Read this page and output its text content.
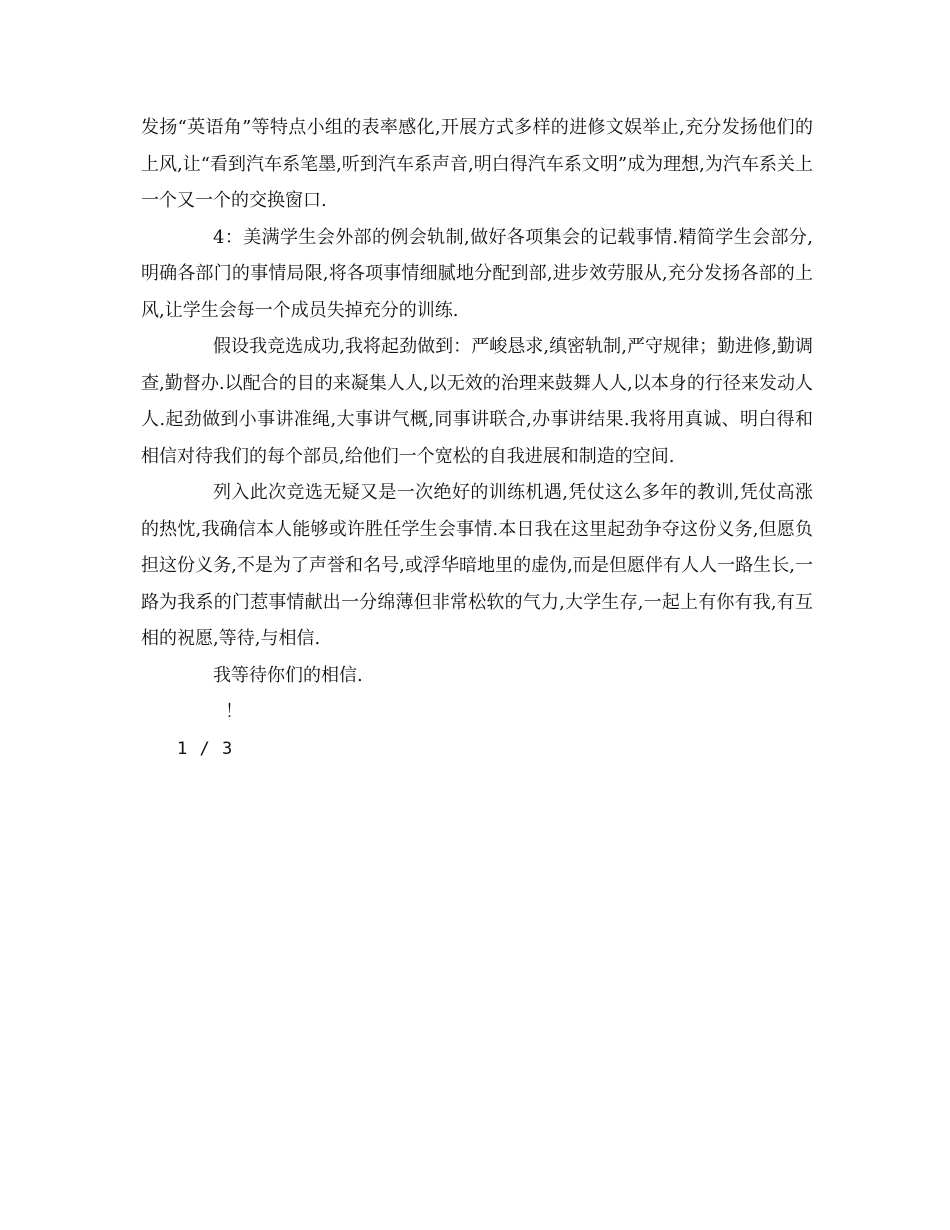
发扬“英语角”等特点小组的表率感化,开展方式多样的进修文娱举止,充分发扬他们的上风,让“看到汽车系笔墨,听到汽车系声音,明白得汽车系文明”成为理想,为汽车系关上一个又一个的交换窗口.

4：美满学生会外部的例会轨制,做好各项集会的记载事情.精简学生会部分,明确各部门的事情局限,将各项事情细腻地分配到部,进步效劳服从,充分发扬各部的上风,让学生会每一个成员失掉充分的训练.

假设我竞选成功,我将起劲做到：严峻恳求,缜密轨制,严守规律；勤进修,勤调查,勤督办.以配合的目的来凝集人人,以无效的治理来鼓舞人人,以本身的行径来发动人人.起劲做到小事讲准绳,大事讲气概,同事讲联合,办事讲结果.我将用真诚、明白得和相信对待我们的每个部员,给他们一个宽松的自我进展和制造的空间.

列入此次竞选无疑又是一次绝好的训练机遇,凭仗这么多年的教训,凭仗高涨的热忱,我确信本人能够或许胜任学生会事情.本日我在这里起劲争夺这份义务,但愿负担这份义务,不是为了声誉和名号,或浮华暗地里的虚伪,而是但愿伴有人人一路生长,一路为我系的门惹事情献出一分绵薄但非常松软的气力,大学生存,一起上有你有我,有互相的祝愿,等待,与相信.

我等待你们的相信.

！

1 / 3
